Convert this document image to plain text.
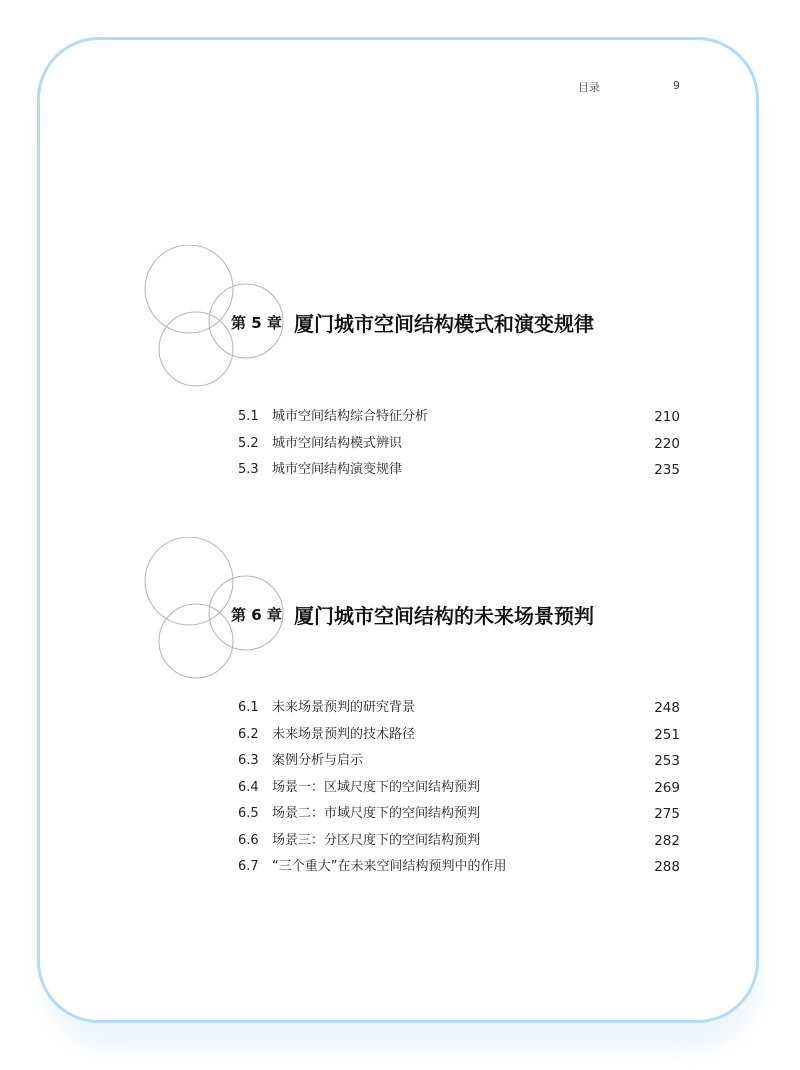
目录	9
第 5 章 厦门城市空间结构模式和演变规律
5.1 城市空间结构综合特征分析	210
5.2 城市空间结构模式辨识	220
5.3 城市空间结构演变规律	235
第 6 章 厦门城市空间结构的未来场景预判
6.1 未来场景预判的研究背景	248
6.2 未来场景预判的技术路径	251
6.3 案例分析与启示	253
6.4 场景一：区域尺度下的空间结构预判	269
6.5 场景二：市域尺度下的空间结构预判	275
6.6 场景三：分区尺度下的空间结构预判	282
6.7 “三个重大”在未来空间结构预判中的作用	288
